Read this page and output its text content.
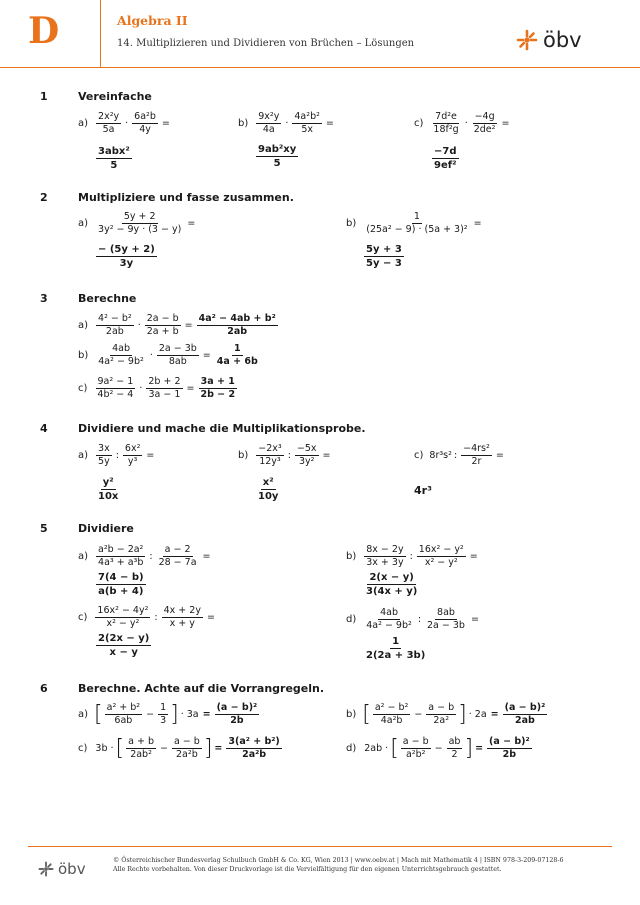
D	Algebra II
14. Multiplizieren und Dividieren von Brüchen – Lösungen	öbv
1	Vereinfache
2	Multipliziere und fasse zusammen.
3	Berechne
4	Dividiere und mache die Multiplikationsprobe.
5	Dividiere
6	Berechne. Achte auf die Vorrangregeln.
$a) \frac{\text{2x²y}}{5a} \cdot \frac{\text{6a²b}}{4y}$ =
$\frac{\text{3abx²}}{5}$
$b) \frac{\text{9x²y}}{4a} \cdot \frac{\text{4a²b²}}{5x}$ =
$\frac{\text{9ab²xy}}{5}$
$c) \frac{\text{7d²e}}{\text{18f²g}} \cdot \frac{-4g}{\text{2de²}}$ =
$\frac{-7d}{\text{9ef²}}$
$a) \frac{5y + 2}{\text{3y² − 9y · (3 − y)}}$ =
$\frac{- (5y + 2)}{3y}$
$b) \frac{1}{\text{(25a² − 9) · (5a + 3)²}}$ =
$\frac{5y + 3}{5y - 3}$
$a) \frac{\text{4² − b²}}{2ab} \cdot \frac{2a - b}{2a + b} = \frac{\text{4a² − 4ab + b²}}{2ab}$
$b) \frac{4ab}{\text{4a² − 9b²}} \cdot \frac{2a - 3b}{8ab} = \frac{1}{4a + 6b}$
$c) \frac{\text{9a² − 1}}{\text{4b² − 4}} \cdot \frac{2b + 2}{3a - 1} = \frac{3a + 1}{2b - 2}$
$a) \frac{3x}{5y}$ : $\frac{\text{6x²}}{\text{y³}}$ =
$\frac{\text{y²}}{10x}$
$b) \frac{\text{−2x³}}{\text{12y³}}$ : $\frac{-5x}{\text{3y²}}$ =
$\frac{\text{x²}}{10y}$
c) 8r³s² : $\frac{\text{−4rs²}}{2r}$ =
4r³
$a) \frac{\text{a²b − 2a²}}{\text{4a³ + a³b}}$ : $\frac{a - 2}{28 - 7a}$ =
$\frac{7(4 - b)}{a(b + 4)}$
$b) \frac{8x - 2y}{3x + 3y}$ : $\frac{\text{16x² − y²}}{\text{x² − y²}}$ =
$\frac{2(x - y)}{3(4x + y)}$
$c) \frac{\text{16x² − 4y²}}{\text{x² − y²}}$ : $\frac{4x + 2y}{x + y}$ =
$\frac{2(2x - y)}{x - y}$
$d) \frac{4ab}{\text{4a² − 9b²}}$ : $\frac{8ab}{2a - 3b}$ =
$\frac{1}{2(2a + 3b)}$
a) [ $\frac{\text{a² + b²}}{6ab} - \frac{1}{3}$ ] · $3a = \frac{\text{(a − b)²}}{2b}$	b) [ $\frac{\text{a² − b²}}{\text{4a²b}} - \frac{a - b}{\text{2a²}}$ ] · $2a = \frac{\text{(a − b)²}}{2ab}$
c) 3b · [ $\frac{a + b}{\text{2ab²}} - \frac{a - b}{\text{2a²b}}$ ] = $\frac{\text{3(a² + b²)}}{\text{2a²b}}$	d) 2ab · [ $\frac{a - b}{\text{a²b²}} - \frac{ab}{2}$ ] = $\frac{\text{(a − b)²}}{2b}$
öbv	© Österreichischer Bundesverlag Schulbuch GmbH & Co. KG, Wien 2013 | www.oebv.at | Mach mit Mathematik 4 | ISBN 978-3-209-07128-6
Alle Rechte vorbehalten. Von dieser Druckvorlage ist die Vervielfältigung für den eigenen Unterrichtsgebrauch gestattet.
